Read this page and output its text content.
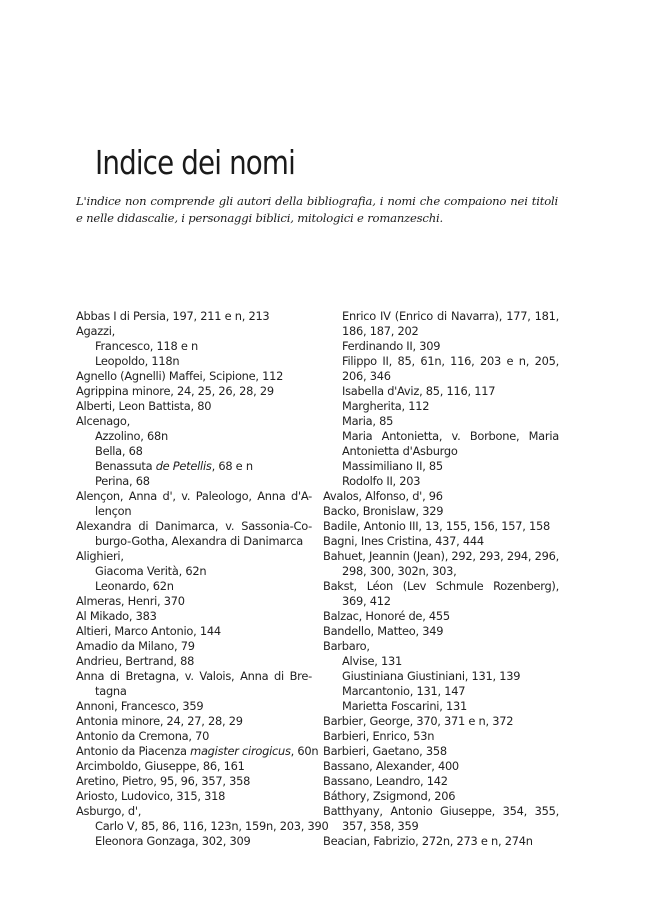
Indice dei nomi

L'indice non comprende gli autori della bibliografia, i nomi che compaiono nei titoli e nelle didascalie, i personaggi biblici, mitologici e romanzeschi.

Abbas I di Persia, 197, 211 e n, 213
Agazzi,
Francesco, 118 e n
Leopoldo, 118n
Agnello (Agnelli) Maffei, Scipione, 112
Agrippina minore, 24, 25, 26, 28, 29
Alberti, Leon Battista, 80
Alcenago,
Azzolino, 68n
Bella, 68
Benassuta de Petellis, 68 e n
Perina, 68
Alençon, Anna d', v. Paleologo, Anna d'A-
lençon
Alexandra di Danimarca, v. Sassonia-Co-
burgo-Gotha, Alexandra di Danimarca
Alighieri,
Giacoma Verità, 62n
Leonardo, 62n
Almeras, Henri, 370
Al Mikado, 383
Altieri, Marco Antonio, 144
Amadio da Milano, 79
Andrieu, Bertrand, 88
Anna di Bretagna, v. Valois, Anna di Bre-
tagna
Annoni, Francesco, 359
Antonia minore, 24, 27, 28, 29
Antonio da Cremona, 70
Antonio da Piacenza magister cirogicus, 60n
Arcimboldo, Giuseppe, 86, 161
Aretino, Pietro, 95, 96, 357, 358
Ariosto, Ludovico, 315, 318
Asburgo, d',
Carlo V, 85, 86, 116, 123n, 159n, 203, 390
Eleonora Gonzaga, 302, 309
Enrico IV (Enrico di Navarra), 177, 181,
186, 187, 202
Ferdinando II, 309
Filippo II, 85, 61n, 116, 203 e n, 205,
206, 346
Isabella d'Aviz, 85, 116, 117
Margherita, 112
Maria, 85
Maria Antonietta, v. Borbone, Maria
Antonietta d'Asburgo
Massimiliano II, 85
Rodolfo II, 203
Avalos, Alfonso, d', 96
Backo, Bronislaw, 329
Badile, Antonio III, 13, 155, 156, 157, 158
Bagni, Ines Cristina, 437, 444
Bahuet, Jeannin (Jean), 292, 293, 294, 296,
298, 300, 302n, 303,
Bakst, Léon (Lev Schmule Rozenberg),
369, 412
Balzac, Honoré de, 455
Bandello, Matteo, 349
Barbaro,
Alvise, 131
Giustiniana Giustiniani, 131, 139
Marcantonio, 131, 147
Marietta Foscarini, 131
Barbier, George, 370, 371 e n, 372
Barbieri, Enrico, 53n
Barbieri, Gaetano, 358
Bassano, Alexander, 400
Bassano, Leandro, 142
Báthory, Zsigmond, 206
Batthyany, Antonio Giuseppe, 354, 355,
357, 358, 359
Beacian, Fabrizio, 272n, 273 e n, 274n
